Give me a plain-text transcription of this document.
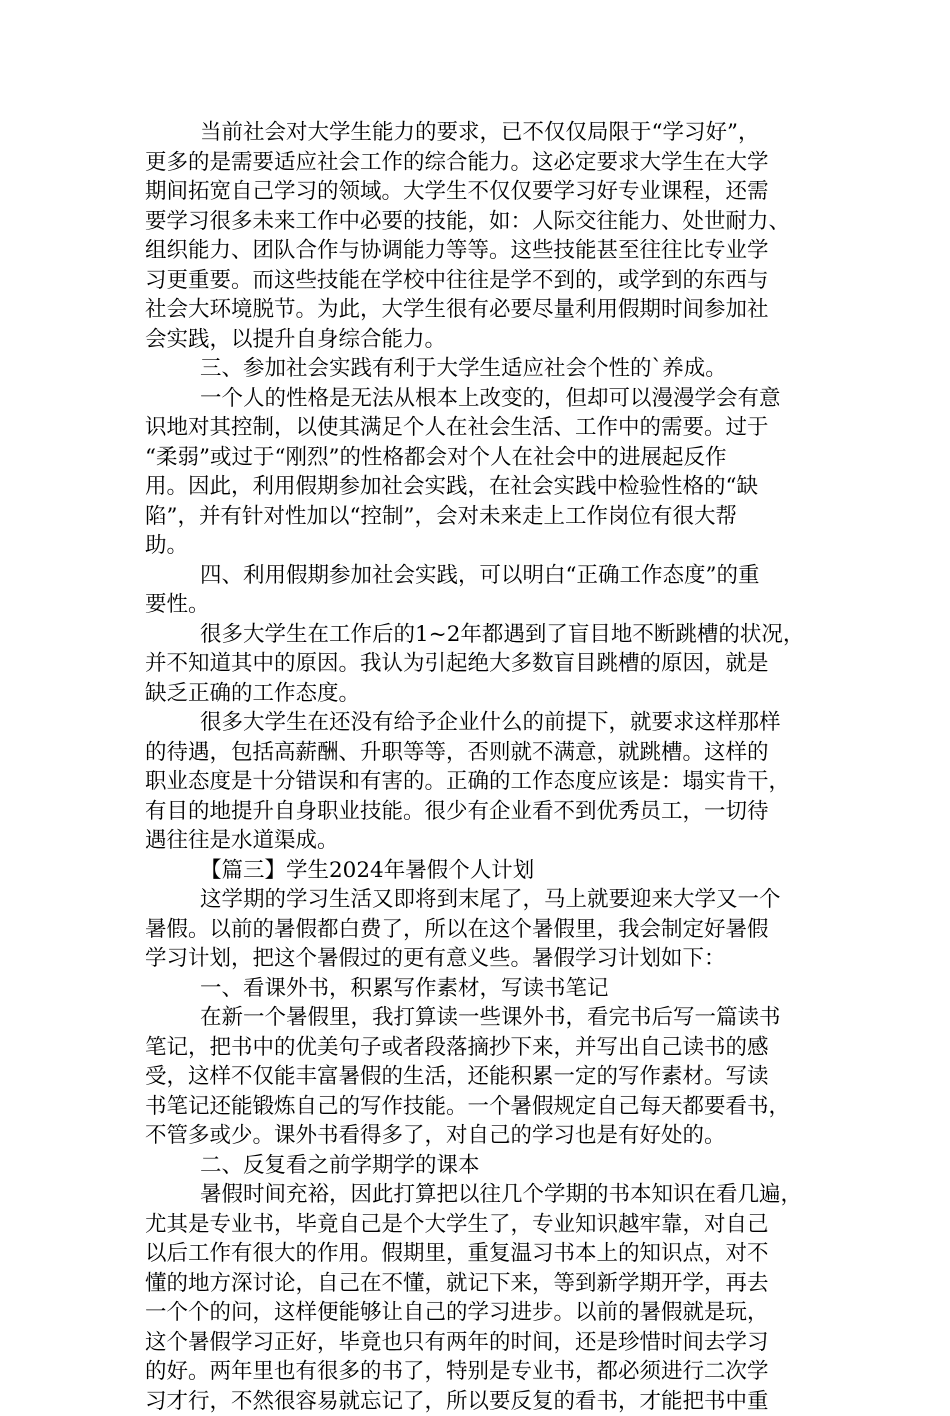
当前社会对大学生能力的要求，已不仅仅局限于“学习好”，
更多的是需要适应社会工作的综合能力。这必定要求大学生在大学
期间拓宽自己学习的领域。大学生不仅仅要学习好专业课程，还需
要学习很多未来工作中必要的技能，如：人际交往能力、处世耐力、
组织能力、团队合作与协调能力等等。这些技能甚至往往比专业学
习更重要。而这些技能在学校中往往是学不到的，或学到的东西与
社会大环境脱节。为此，大学生很有必要尽量利用假期时间参加社
会实践，以提升自身综合能力。
三、参加社会实践有利于大学生适应社会个性的`养成。
一个人的性格是无法从根本上改变的，但却可以漫漫学会有意
识地对其控制，以使其满足个人在社会生活、工作中的需要。过于
“柔弱”或过于“刚烈”的性格都会对个人在社会中的进展起反作
用。因此，利用假期参加社会实践，在社会实践中检验性格的“缺
陷”，并有针对性加以“控制”，会对未来走上工作岗位有很大帮
助。
四、利用假期参加社会实践，可以明白“正确工作态度”的重
要性。
很多大学生在工作后的1~2年都遇到了盲目地不断跳槽的状况，
并不知道其中的原因。我认为引起绝大多数盲目跳槽的原因，就是
缺乏正确的工作态度。
很多大学生在还没有给予企业什么的前提下，就要求这样那样
的待遇，包括高薪酬、升职等等，否则就不满意，就跳槽。这样的
职业态度是十分错误和有害的。正确的工作态度应该是：塌实肯干，
有目的地提升自身职业技能。很少有企业看不到优秀员工，一切待
遇往往是水道渠成。
【篇三】学生2024年暑假个人计划
这学期的学习生活又即将到末尾了，马上就要迎来大学又一个
暑假。以前的暑假都白费了，所以在这个暑假里，我会制定好暑假
学习计划，把这个暑假过的更有意义些。暑假学习计划如下：
一、看课外书，积累写作素材，写读书笔记
在新一个暑假里，我打算读一些课外书，看完书后写一篇读书
笔记，把书中的优美句子或者段落摘抄下来，并写出自己读书的感
受，这样不仅能丰富暑假的生活，还能积累一定的写作素材。写读
书笔记还能锻炼自己的写作技能。一个暑假规定自己每天都要看书，
不管多或少。课外书看得多了，对自己的学习也是有好处的。
二、反复看之前学期学的课本
暑假时间充裕，因此打算把以往几个学期的书本知识在看几遍，
尤其是专业书，毕竟自己是个大学生了，专业知识越牢靠，对自己
以后工作有很大的作用。假期里，重复温习书本上的知识点，对不
懂的地方深讨论，自己在不懂，就记下来，等到新学期开学，再去
一个个的问，这样便能够让自己的学习进步。以前的暑假就是玩，
这个暑假学习正好，毕竟也只有两年的时间，还是珍惜时间去学习
的好。两年里也有很多的书了，特别是专业书，都必须进行二次学
习才行，不然很容易就忘记了，所以要反复的看书，才能把书中重
